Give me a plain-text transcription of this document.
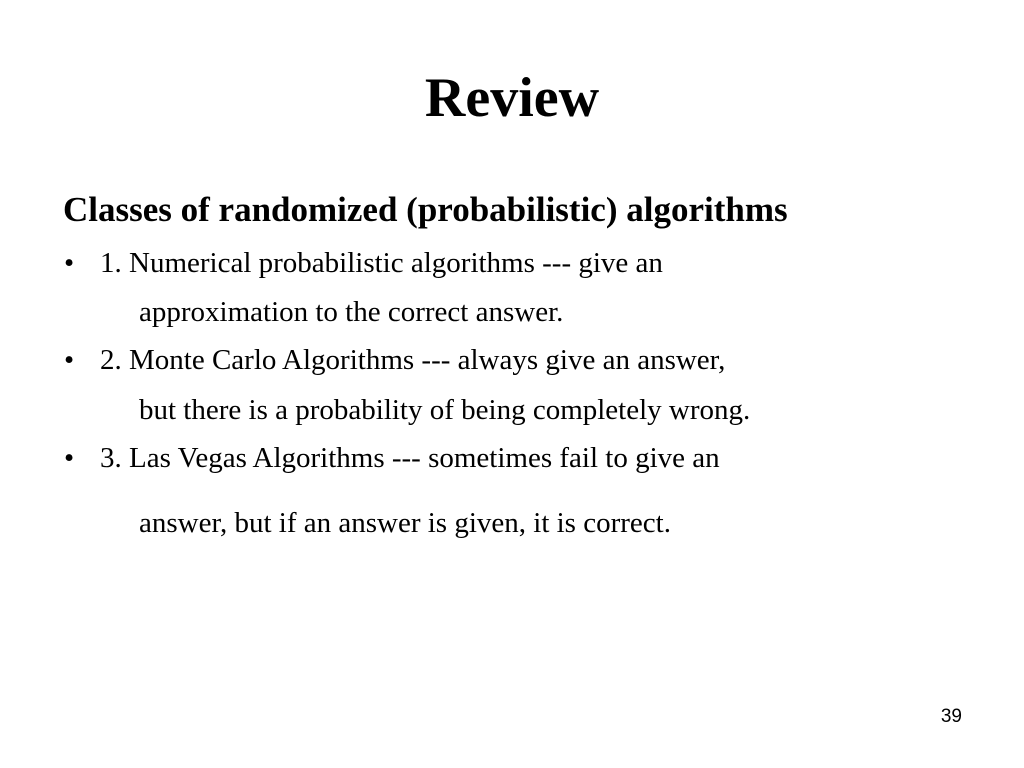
Review
Classes of randomized (probabilistic) algorithms
• 1. Numerical probabilistic algorithms --- give an
approximation to the correct answer.
• 2. Monte Carlo Algorithms --- always give an answer,
but there is a probability of being completely wrong.
• 3. Las Vegas Algorithms --- sometimes fail to give an
answer, but if an answer is given, it is correct.
39
